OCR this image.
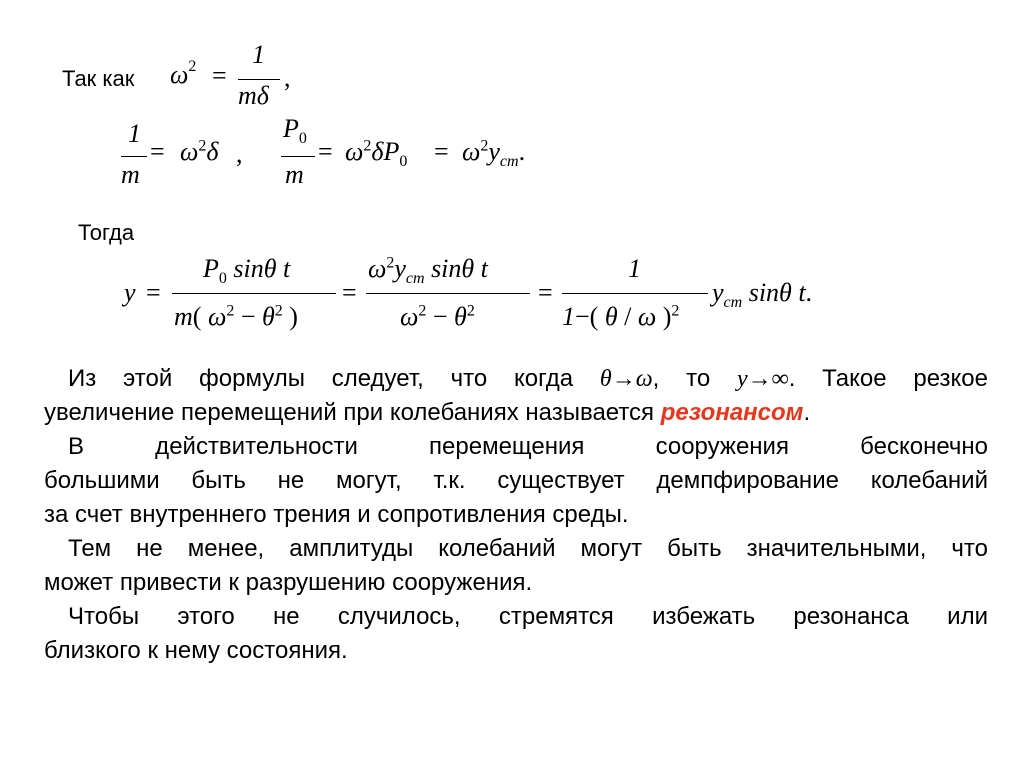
Так как $\omega^2$ =
1
mδ
,
1
m
= $\omega^2\delta$ ,
$P_0$
m
= $\omega^2\delta P_0 = \omega^2y_{cm}$.
Тогда
y =
$P_0$ sinθ t
m( $\omega^2 - \theta^2$ )
=
$\omega^2y_{cm}$ sinθ t
$\omega^2 - \theta^2$
=
1
1−( θ / ω )$^2$
$y_{cm}$ sinθ t.
Из этой формулы следует, что когда θ→ω, то y→∞. Такое резкое
увеличение перемещений при колебаниях называется резонансом.
В действительности перемещения сооружения бесконечно
большими быть не могут, т.к. существует демпфирование колебаний
за счет внутреннего трения и сопротивления среды.
Тем не менее, амплитуды колебаний могут быть значительными, что
может привести к разрушению сооружения.
Чтобы этого не случилось, стремятся избежать резонанса или
близкого к нему состояния.
